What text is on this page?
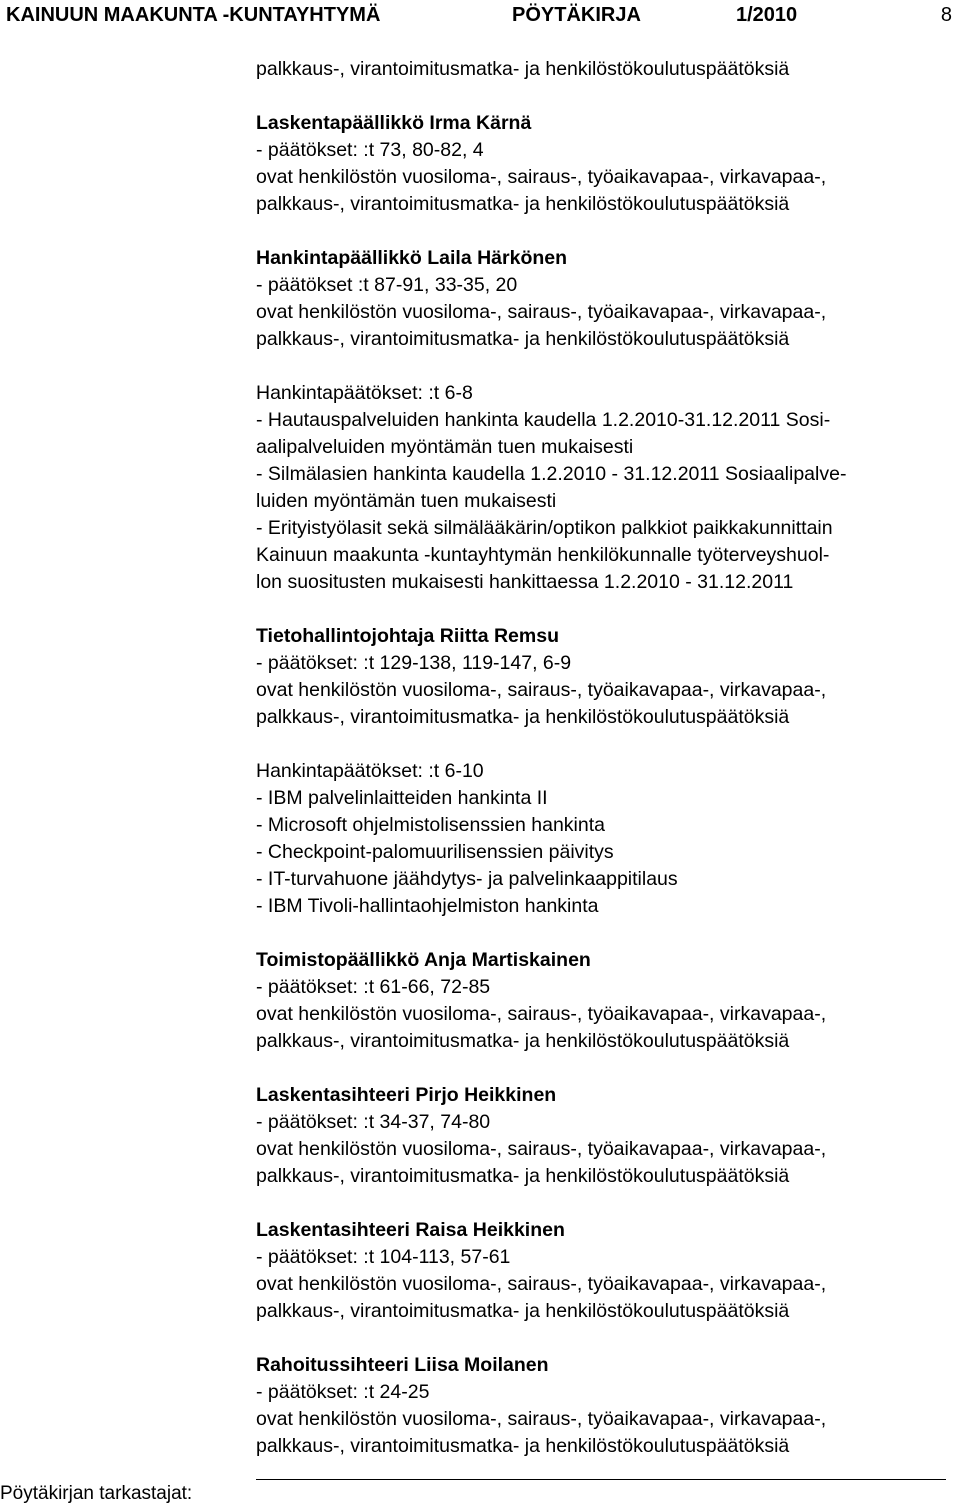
KAINUUN MAAKUNTA -KUNTAYHTYMÄ	PÖYTÄKIRJA	1/2010	8
palkkaus-, virantoimitusmatka- ja henkilöstökoulutuspäätöksiä
Laskentapäällikkö Irma Kärnä
- päätökset: :t 73, 80-82, 4
ovat henkilöstön vuosiloma-, sairaus-, työaikavapaa-, virkavapaa-,
palkkaus-, virantoimitusmatka- ja henkilöstökoulutuspäätöksiä
Hankintapäällikkö Laila Härkönen
- päätökset :t 87-91, 33-35, 20
ovat henkilöstön vuosiloma-, sairaus-, työaikavapaa-, virkavapaa-,
palkkaus-, virantoimitusmatka- ja henkilöstökoulutuspäätöksiä
Hankintapäätökset: :t 6-8
- Hautauspalveluiden hankinta kaudella 1.2.2010-31.12.2011 Sosi-
aalipalveluiden myöntämän tuen mukaisesti
- Silmälasien hankinta kaudella 1.2.2010 - 31.12.2011 Sosiaalipalve-
luiden myöntämän tuen mukaisesti
- Erityistyölasit sekä silmälääkärin/optikon palkkiot paikkakunnittain
Kainuun maakunta -kuntayhtymän henkilökunnalle työterveyshuol-
lon suositusten mukaisesti hankittaessa 1.2.2010 - 31.12.2011
Tietohallintojohtaja Riitta Remsu
- päätökset: :t 129-138, 119-147, 6-9
ovat henkilöstön vuosiloma-, sairaus-, työaikavapaa-, virkavapaa-,
palkkaus-, virantoimitusmatka- ja henkilöstökoulutuspäätöksiä
Hankintapäätökset: :t 6-10
- IBM palvelinlaitteiden hankinta II
- Microsoft ohjelmistolisenssien hankinta
- Checkpoint-palomuurilisenssien päivitys
- IT-turvahuone jäähdytys- ja palvelinkaappitilaus
- IBM Tivoli-hallintaohjelmiston hankinta
Toimistopäällikkö Anja Martiskainen
- päätökset: :t 61-66, 72-85
ovat henkilöstön vuosiloma-, sairaus-, työaikavapaa-, virkavapaa-,
palkkaus-, virantoimitusmatka- ja henkilöstökoulutuspäätöksiä
Laskentasihteeri Pirjo Heikkinen
- päätökset: :t 34-37, 74-80
ovat henkilöstön vuosiloma-, sairaus-, työaikavapaa-, virkavapaa-,
palkkaus-, virantoimitusmatka- ja henkilöstökoulutuspäätöksiä
Laskentasihteeri Raisa Heikkinen
- päätökset: :t 104-113, 57-61
ovat henkilöstön vuosiloma-, sairaus-, työaikavapaa-, virkavapaa-,
palkkaus-, virantoimitusmatka- ja henkilöstökoulutuspäätöksiä
Rahoitussihteeri Liisa Moilanen
- päätökset: :t 24-25
ovat henkilöstön vuosiloma-, sairaus-, työaikavapaa-, virkavapaa-,
palkkaus-, virantoimitusmatka- ja henkilöstökoulutuspäätöksiä
Pöytäkirjan tarkastajat:
